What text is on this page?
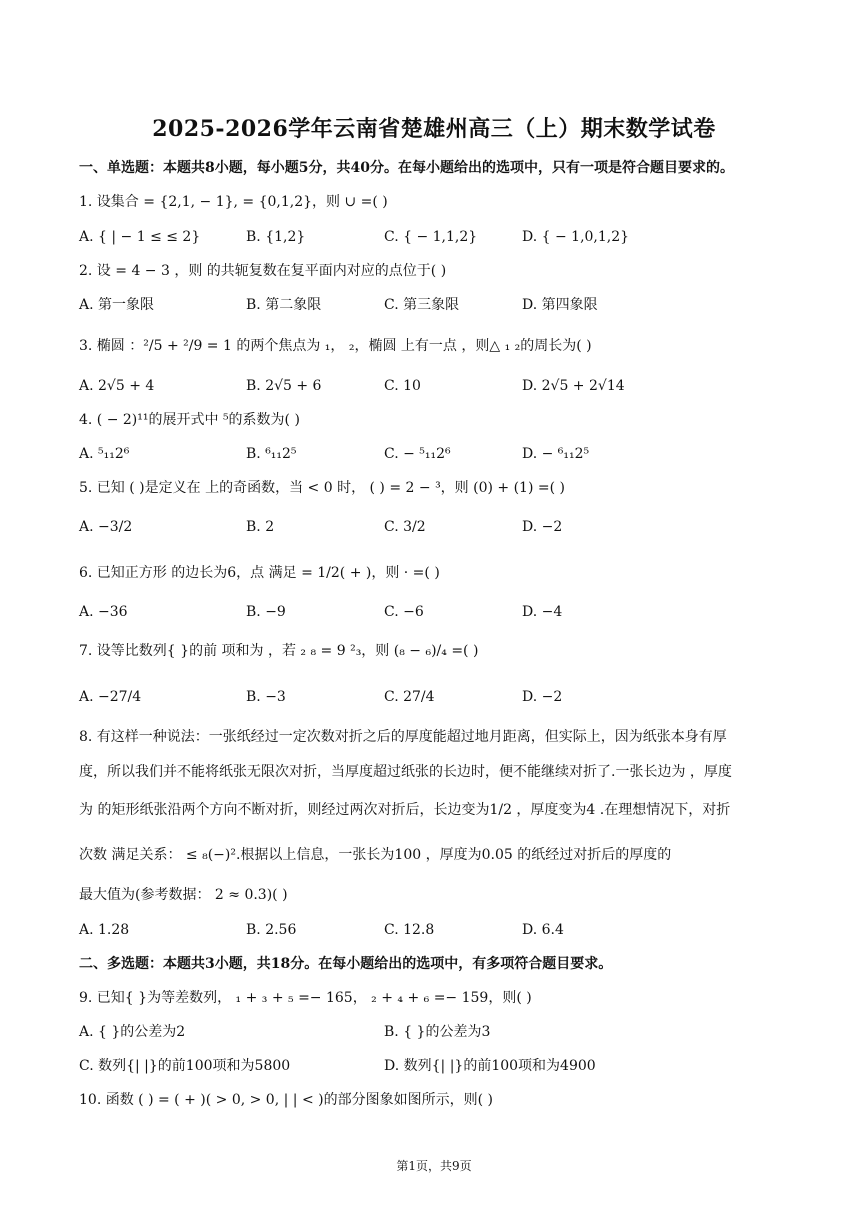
2025-2026学年云南省楚雄州高三（上）期末数学试卷
一、单选题：本题共8小题，每小题5分，共40分。在每小题给出的选项中，只有一项是符合题目要求的。
1. 设集合 = {2,1, − 1}, = {0,1,2}，则 ∪ =( )
A. { | − 1 ≤ ≤ 2}	B. {1,2}	C. { − 1,1,2}	D. { − 1,0,1,2}
2. 设 = 4 − 3 ，则 的共轭复数在复平面内对应的点位于( )
A. 第一象限	B. 第二象限	C. 第三象限	D. 第四象限
3. 椭圆 ：²/5 + ²/9 = 1 的两个焦点为 ₁， ₂，椭圆 上有一点 ，则△ ₁ ₂的周长为( )
A. 2√5 + 4	B. 2√5 + 6	C. 10	D. 2√5 + 2√14
4. ( − 2)¹¹的展开式中 ⁵的系数为( )
A. ⁵₁₁2⁶	B. ⁶₁₁2⁵	C. − ⁵₁₁2⁶	D. − ⁶₁₁2⁵
5. 已知 ( )是定义在 上的奇函数，当 < 0 时， ( ) = 2 − ³，则 (0) + (1) =( )
A. −3/2	B. 2	C. 3/2	D. −2
6. 已知正方形 的边长为6，点 满足 = 1/2( + )，则 · =( )
A. −36	B. −9	C. −6	D. −4
7. 设等比数列{ }的前 项和为 ，若 ₂ ₈ = 9 ²₃，则 (₈ − ₆)/₄ =( )
A. −27/4	B. −3	C. 27/4	D. −2
8. 有这样一种说法：一张纸经过一定次数对折之后的厚度能超过地月距离，但实际上，因为纸张本身有厚
度，所以我们并不能将纸张无限次对折，当厚度超过纸张的长边时，便不能继续对折了.一张长边为 ，厚度
为 的矩形纸张沿两个方向不断对折，则经过两次对折后，长边变为1/2 ，厚度变为4 .在理想情况下，对折
次数 满足关系： ≤ ₈(−)².根据以上信息，一张长为100 ，厚度为0.05 的纸经过对折后的厚度的
最大值为(参考数据： 2 ≈ 0.3)( )
A. 1.28	B. 2.56	C. 12.8	D. 6.4
二、多选题：本题共3小题，共18分。在每小题给出的选项中，有多项符合题目要求。
9. 已知{ }为等差数列， ₁ + ₃ + ₅ =− 165， ₂ + ₄ + ₆ =− 159，则( )
A. { }的公差为2	B. { }的公差为3
C. 数列{| |}的前100项和为5800	D. 数列{| |}的前100项和为4900
10. 函数 ( ) = ( + )( > 0, > 0, | | < )的部分图象如图所示，则( )
第1页，共9页
